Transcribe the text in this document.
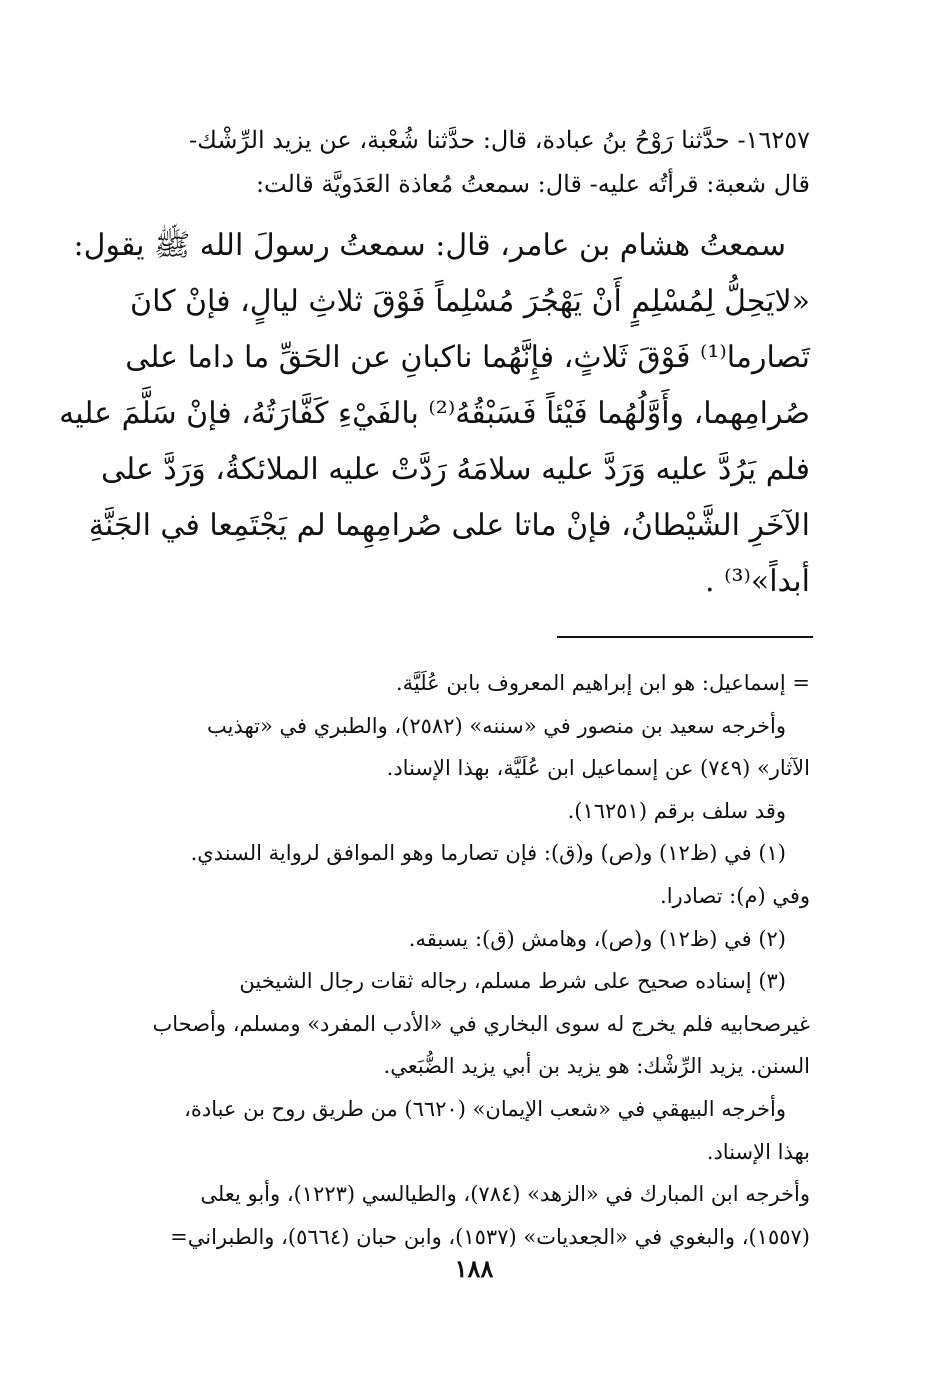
١٦٢٥٧- حدَّثنا رَوْحُ بنُ عبادة، قال: حدَّثنا شُعْبة، عن يزيد الرِّشْك-
قال شعبة: قرأتُه عليه- قال: سمعتُ مُعاذة العَدَويَّة قالت:
سمعتُ هشام بن عامر، قال: سمعتُ رسولَ الله ﷺ يقول:
«لايَحِلُّ لِمُسْلِمٍ أَنْ يَهْجُرَ مُسْلِماً فَوْقَ ثلاثِ ليالٍ، فإنْ كانَ
تَصارما⁽¹⁾ فَوْقَ ثَلاثٍ، فإِنَّهُما ناكبانِ عن الحَقِّ ما داما على
صُرامِهما، وأَوَّلُهُما فَيْئاً فَسَبْقُهُ⁽²⁾ بالفَيْءِ كَفَّارَتُهُ، فإنْ سَلَّمَ عليه
فلم يَرُدَّ عليه وَرَدَّ عليه سلامَهُ رَدَّتْ عليه الملائكةُ، وَرَدَّ على
الآخَرِ الشَّيْطانُ، فإنْ ماتا على صُرامِهِما لم يَجْتَمِعا في الجَنَّةِ
أبداً»⁽³⁾ .
= إسماعيل: هو ابن إبراهيم المعروف بابن عُلَيَّة.
وأخرجه سعيد بن منصور في «سننه» (٢٥٨٢)، والطبري في «تهذيب
الآثار» (٧٤٩) عن إسماعيل ابن عُلَيَّة، بهذا الإسناد.
وقد سلف برقم (١٦٢٥١).
(١) في (ظ١٢) و(ص) و(ق): فإن تصارما وهو الموافق لرواية السندي.
وفي (م): تصادرا.
(٢) في (ظ١٢) و(ص)، وهامش (ق): يسبقه.
(٣) إسناده صحيح على شرط مسلم، رجاله ثقات رجال الشيخين
غيرصحابيه فلم يخرج له سوى البخاري في «الأدب المفرد» ومسلم، وأصحاب
السنن. يزيد الرِّشْك: هو يزيد بن أبي يزيد الضُّبَعي.
وأخرجه البيهقي في «شعب الإيمان» (٦٦٢٠) من طريق روح بن عبادة،
بهذا الإسناد.
وأخرجه ابن المبارك في «الزهد» (٧٨٤)، والطيالسي (١٢٢٣)، وأبو يعلى
(١٥٥٧)، والبغوي في «الجعديات» (١٥٣٧)، وابن حبان (٥٦٦٤)، والطبراني=
١٨٨
